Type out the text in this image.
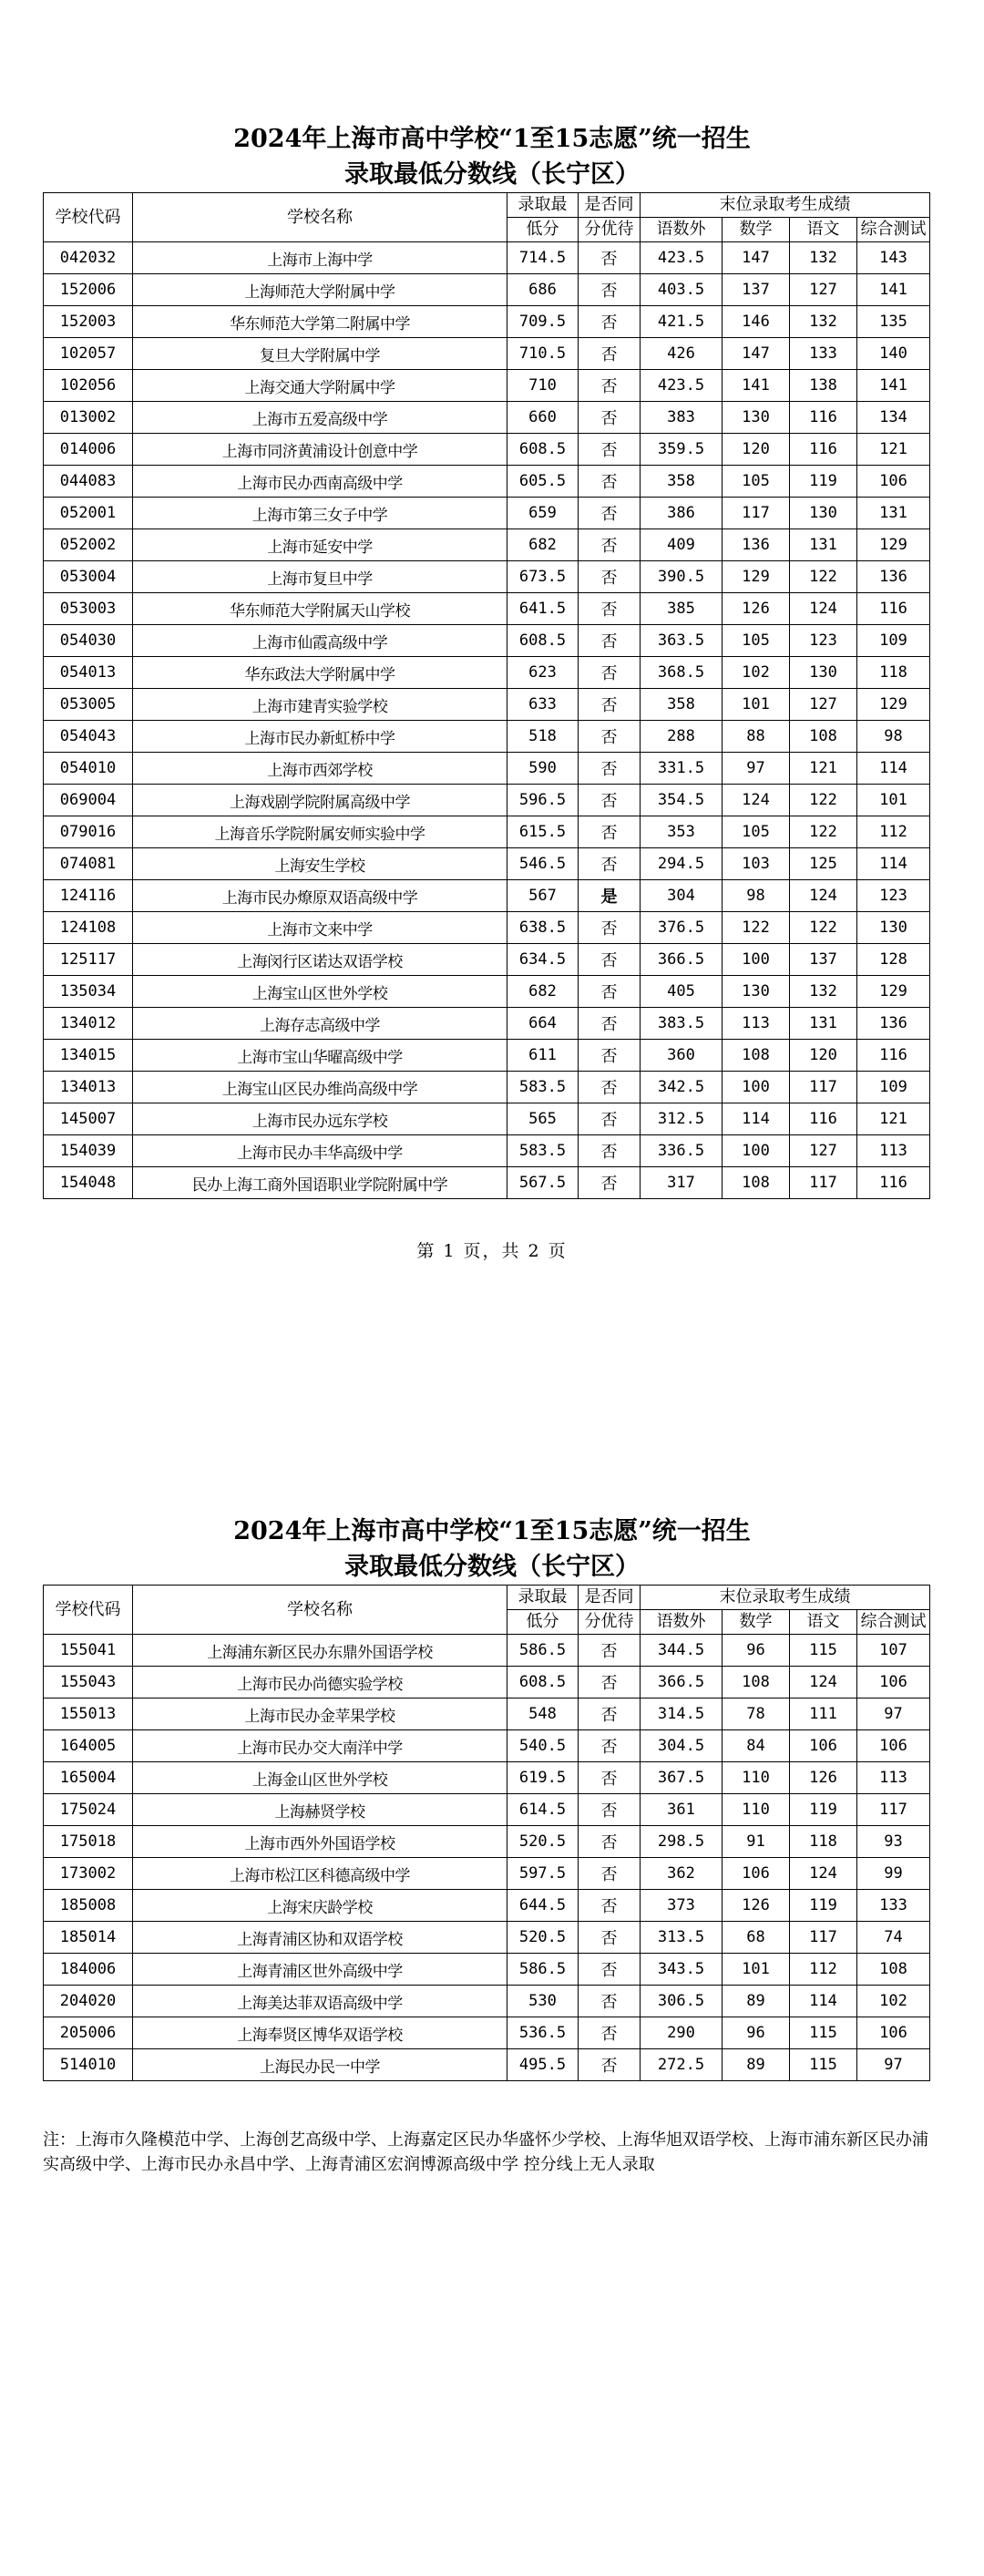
2024年上海市高中学校“1至15志愿”统一招生
录取最低分数线（长宁区）
学校代码	学校名称	录取最	是否同	末位录取考生成绩			
		低分	分优待	语数外	数学	语文	综合测试
042032	上海市上海中学	714.5	否	423.5	147	132	143
152006	上海师范大学附属中学	686	否	403.5	137	127	141
152003	华东师范大学第二附属中学	709.5	否	421.5	146	132	135
102057	复旦大学附属中学	710.5	否	426	147	133	140
102056	上海交通大学附属中学	710	否	423.5	141	138	141
013002	上海市五爱高级中学	660	否	383	130	116	134
014006	上海市同济黄浦设计创意中学	608.5	否	359.5	120	116	121
044083	上海市民办西南高级中学	605.5	否	358	105	119	106
052001	上海市第三女子中学	659	否	386	117	130	131
052002	上海市延安中学	682	否	409	136	131	129
053004	上海市复旦中学	673.5	否	390.5	129	122	136
053003	华东师范大学附属天山学校	641.5	否	385	126	124	116
054030	上海市仙霞高级中学	608.5	否	363.5	105	123	109
054013	华东政法大学附属中学	623	否	368.5	102	130	118
053005	上海市建青实验学校	633	否	358	101	127	129
054043	上海市民办新虹桥中学	518	否	288	88	108	98
054010	上海市西郊学校	590	否	331.5	97	121	114
069004	上海戏剧学院附属高级中学	596.5	否	354.5	124	122	101
079016	上海音乐学院附属安师实验中学	615.5	否	353	105	122	112
074081	上海安生学校	546.5	否	294.5	103	125	114
124116	上海市民办燎原双语高级中学	567	是	304	98	124	123
124108	上海市文来中学	638.5	否	376.5	122	122	130
125117	上海闵行区诺达双语学校	634.5	否	366.5	100	137	128
135034	上海宝山区世外学校	682	否	405	130	132	129
134012	上海存志高级中学	664	否	383.5	113	131	136
134015	上海市宝山华曜高级中学	611	否	360	108	120	116
134013	上海宝山区民办维尚高级中学	583.5	否	342.5	100	117	109
145007	上海市民办远东学校	565	否	312.5	114	116	121
154039	上海市民办丰华高级中学	583.5	否	336.5	100	127	113
154048	民办上海工商外国语职业学院附属中学	567.5	否	317	108	117	116
第 1 页，共 2 页
2024年上海市高中学校“1至15志愿”统一招生
录取最低分数线（长宁区）
学校代码	学校名称	录取最	是否同	末位录取考生成绩			
		低分	分优待	语数外	数学	语文	综合测试
155041	上海浦东新区民办东鼎外国语学校	586.5	否	344.5	96	115	107
155043	上海市民办尚德实验学校	608.5	否	366.5	108	124	106
155013	上海市民办金苹果学校	548	否	314.5	78	111	97
164005	上海市民办交大南洋中学	540.5	否	304.5	84	106	106
165004	上海金山区世外学校	619.5	否	367.5	110	126	113
175024	上海赫贤学校	614.5	否	361	110	119	117
175018	上海市西外外国语学校	520.5	否	298.5	91	118	93
173002	上海市松江区科德高级中学	597.5	否	362	106	124	99
185008	上海宋庆龄学校	644.5	否	373	126	119	133
185014	上海青浦区协和双语学校	520.5	否	313.5	68	117	74
184006	上海青浦区世外高级中学	586.5	否	343.5	101	112	108
204020	上海美达菲双语高级中学	530	否	306.5	89	114	102
205006	上海奉贤区博华双语学校	536.5	否	290	96	115	106
514010	上海民办民一中学	495.5	否	272.5	89	115	97

注：上海市久隆模范中学、上海创艺高级中学、上海嘉定区民办华盛怀少学校、上海华旭双语学校、上海市浦东新区民办浦实高级中学、上海市民办永昌中学、上海青浦区宏润博源高级中学 控分线上无人录取
